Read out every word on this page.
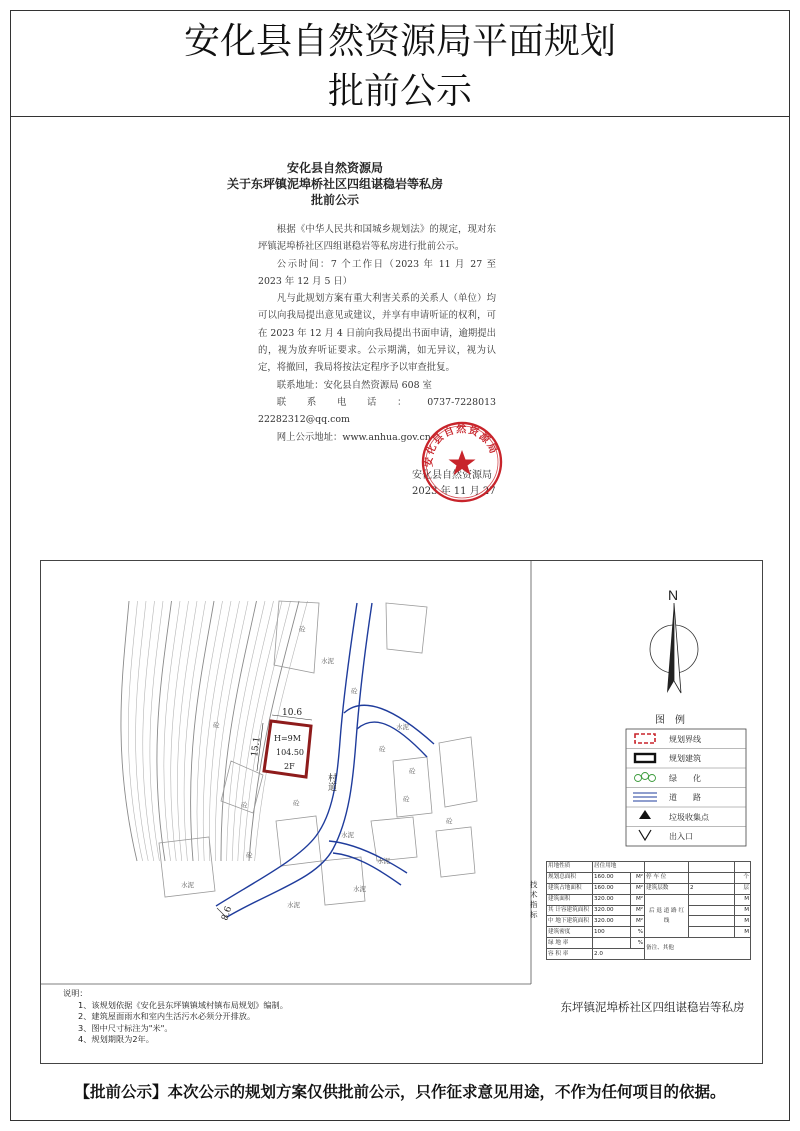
安化县自然资源局平面规划
批前公示
安化县自然资源局
关于东坪镇泥埠桥社区四组谌稳岩等私房
批前公示

根据《中华人民共和国城乡规划法》的规定，现对东坪镇泥埠桥社区四组谌稳岩等私房进行批前公示。

公示时间：7 个工作日（2023 年 11 月 27 至 2023 年 12 月 5 日）

凡与此规划方案有重大利害关系的关系人（单位）均可以向我局提出意见或建议，并享有申请听证的权利，可在 2023 年 12 月 4 日前向我局提出书面申请，逾期提出的，视为放弃听证要求。公示期满，如无异议，视为认定，将撤回，我局将按法定程序予以审查批复。

联系地址：安化县自然资源局 608 室

联系电话：0737-7228013　　22282312@qq.com

网上公示地址：www.anhua.gov.cn

安化县自然资源局
2023 年 11 月 27
安化县自然资源局
村道
H=9M
104.50
2F
10.6
15.1
8.6
水泥
砼
砼
水泥
砼
砼
砼
砼
水泥
水泥
水泥
砼	砼
水泥
砼
砼
水泥
N
图　例
规划界线
规划建筑
绿　　化
道　　路
垃圾收集点
出入口
技术指标
用地性质	居住用地				
规划总面积	160.00	M²	停 车 位		个
建筑占地面积	160.00	M²	建筑层数	2	层
建筑面积	320.00	M²	后 退 道 路 红 线		M
其 计容建筑面积	320.00	M²			M
中 地下建筑面积	320.00	M²			M
建筑密度	100	%			M
绿 地 率		%	备注、其他		
容 积 率	2.0				
说明：
1、该规划依据《安化县东坪镇镇域村镇布局规划》编制。
2、建筑屋面雨水和室内生活污水必须分开排放。
3、图中尺寸标注为"米"。
4、规划期限为2年。
东坪镇泥埠桥社区四组谌稳岩等私房
【批前公示】本次公示的规划方案仅供批前公示，只作征求意见用途，不作为任何项目的依据。
